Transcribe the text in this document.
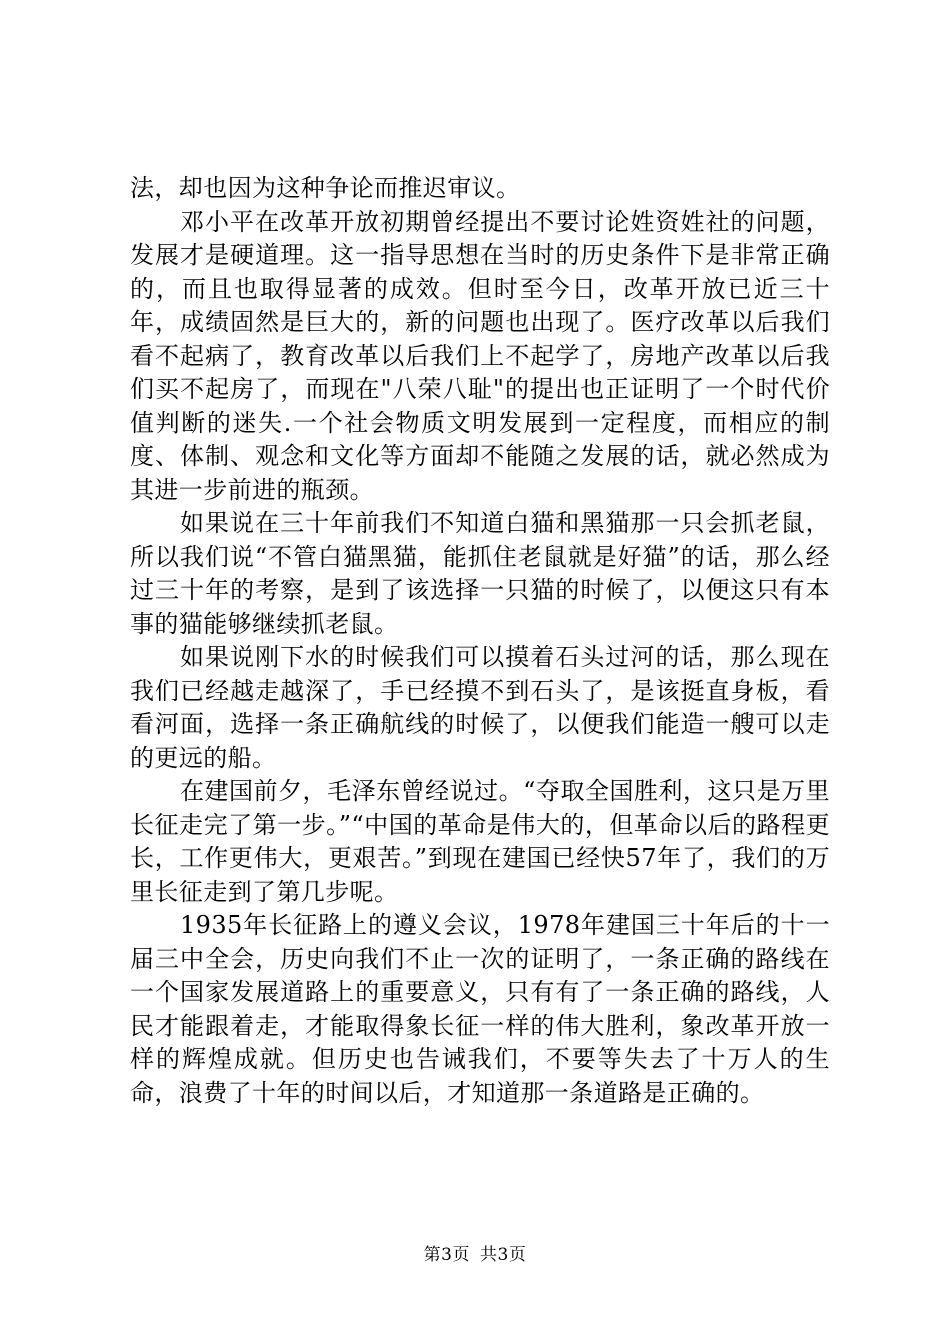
法，却也因为这种争论而推迟审议。

邓小平在改革开放初期曾经提出不要讨论姓资姓社的问题，发展才是硬道理。这一指导思想在当时的历史条件下是非常正确的，而且也取得显著的成效。但时至今日，改革开放已近三十年，成绩固然是巨大的，新的问题也出现了。医疗改革以后我们看不起病了，教育改革以后我们上不起学了，房地产改革以后我们买不起房了，而现在"八荣八耻"的提出也正证明了一个时代价值判断的迷失.一个社会物质文明发展到一定程度，而相应的制度、体制、观念和文化等方面却不能随之发展的话，就必然成为其进一步前进的瓶颈。

如果说在三十年前我们不知道白猫和黑猫那一只会抓老鼠，所以我们说“不管白猫黑猫，能抓住老鼠就是好猫”的话，那么经过三十年的考察，是到了该选择一只猫的时候了，以便这只有本事的猫能够继续抓老鼠。

如果说刚下水的时候我们可以摸着石头过河的话，那么现在我们已经越走越深了，手已经摸不到石头了，是该挺直身板，看看河面，选择一条正确航线的时候了，以便我们能造一艘可以走的更远的船。

在建国前夕，毛泽东曾经说过。“夺取全国胜利，这只是万里长征走完了第一步。”“中国的革命是伟大的，但革命以后的路程更长，工作更伟大，更艰苦。”到现在建国已经快57年了，我们的万里长征走到了第几步呢。

1935年长征路上的遵义会议，1978年建国三十年后的十一届三中全会，历史向我们不止一次的证明了，一条正确的路线在一个国家发展道路上的重要意义，只有有了一条正确的路线，人民才能跟着走，才能取得象长征一样的伟大胜利，象改革开放一样的辉煌成就。但历史也告诫我们，不要等失去了十万人的生命，浪费了十年的时间以后，才知道那一条道路是正确的。

第3页 共3页
